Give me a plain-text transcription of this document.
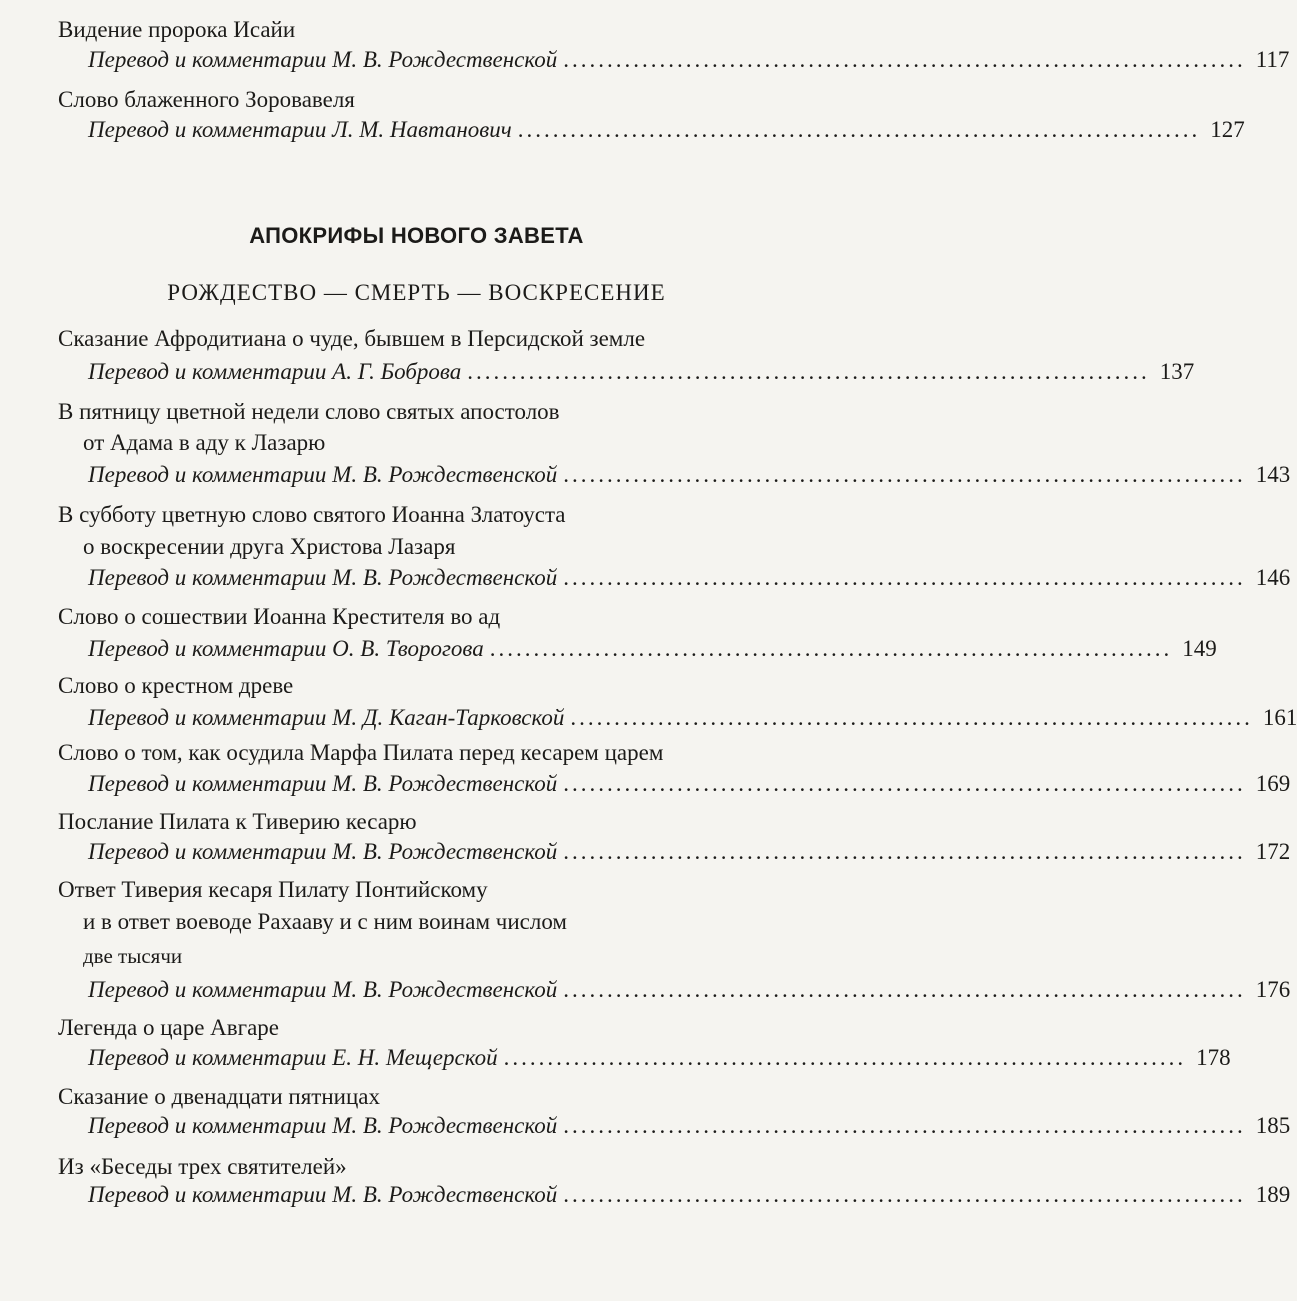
Видение пророка Исайи
Перевод и комментарии М. В. Рождественской .............................................................................. 117
Слово блаженного Зоровавеля
Перевод и комментарии Л. М. Навтанович .............................................................................. 127
АПОКРИФЫ НОВОГО ЗАВЕТА
РОЖДЕСТВО — СМЕРТЬ — ВОСКРЕСЕНИЕ
Сказание Афродитиана о чуде, бывшем в Персидской земле
Перевод и комментарии А. Г. Боброва .............................................................................. 137
В пятницу цветной недели слово святых апостолов
от Адама в аду к Лазарю
Перевод и комментарии М. В. Рождественской .............................................................................. 143
В субботу цветную слово святого Иоанна Златоуста
о воскресении друга Христова Лазаря
Перевод и комментарии М. В. Рождественской .............................................................................. 146
Слово о сошествии Иоанна Крестителя во ад
Перевод и комментарии О. В. Творогова .............................................................................. 149
Слово о крестном древе
Перевод и комментарии М. Д. Каган-Тарковской .............................................................................. 161
Слово о том, как осудила Марфа Пилата перед кесарем царем
Перевод и комментарии М. В. Рождественской .............................................................................. 169
Послание Пилата к Тиверию кесарю
Перевод и комментарии М. В. Рождественской .............................................................................. 172
Ответ Тиверия кесаря Пилату Понтийскому
и в ответ воеводе Рахааву и с ним воинам числом
две тысячи
Перевод и комментарии М. В. Рождественской .............................................................................. 176
Легенда о царе Авгаре
Перевод и комментарии Е. Н. Мещерской .............................................................................. 178
Сказание о двенадцати пятницах
Перевод и комментарии М. В. Рождественской .............................................................................. 185
Из «Беседы трех святителей»
Перевод и комментарии М. В. Рождественской .............................................................................. 189
